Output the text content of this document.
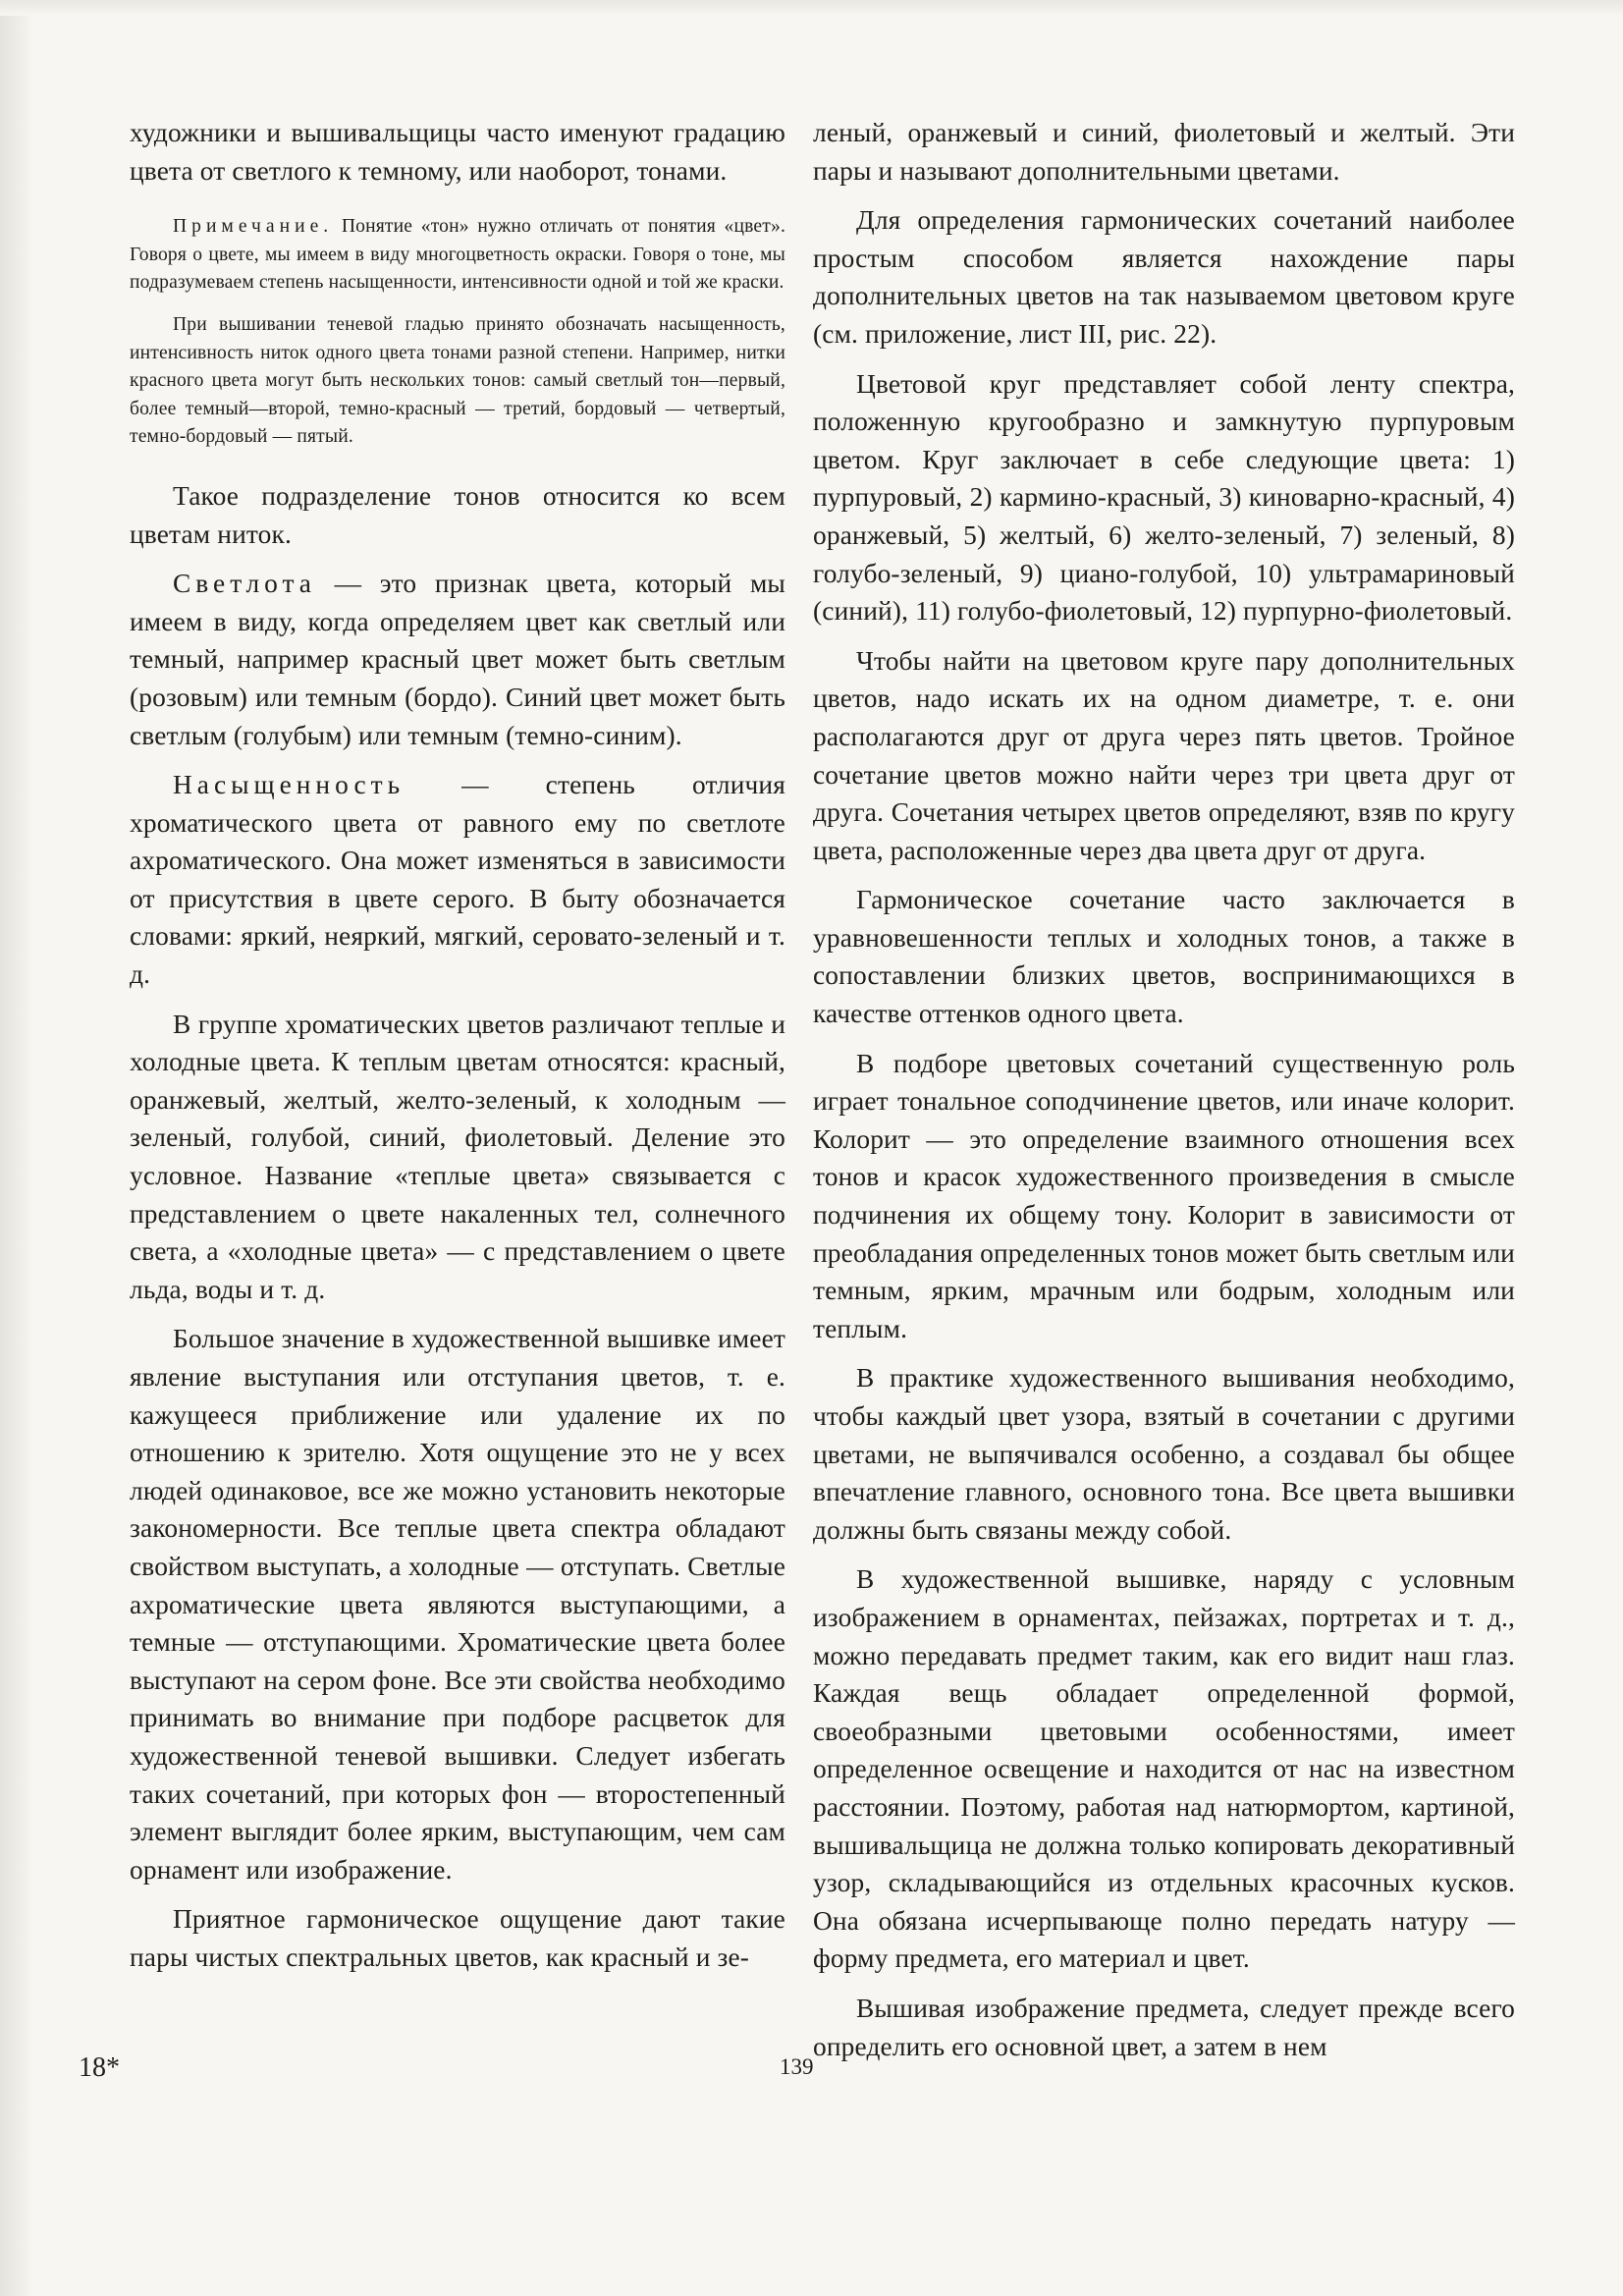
художники и вышивальщицы часто именуют градацию цвета от светлого к темному, или наоборот, тонами.

Примечание. Понятие «тон» нужно отличать от понятия «цвет». Говоря о цвете, мы имеем в виду многоцветность окраски. Говоря о тоне, мы подразумеваем степень насыщенности, интенсивности одной и той же краски.

При вышивании теневой гладью принято обозначать насыщенность, интенсивность ниток одного цвета тонами разной степени. Например, нитки красного цвета могут быть нескольких тонов: самый светлый тон—первый, более темный—второй, темно-красный — третий, бордовый — четвертый, темно-бордовый — пятый.

Такое подразделение тонов относится ко всем цветам ниток.

Светлота — это признак цвета, который мы имеем в виду, когда определяем цвет как светлый или темный, например красный цвет может быть светлым (розовым) или темным (бордо). Синий цвет может быть светлым (голубым) или темным (темно-синим).

Насыщенность — степень отличия хроматического цвета от равного ему по светлоте ахроматического. Она может изменяться в зависимости от присутствия в цвете серого. В быту обозначается словами: яркий, неяркий, мягкий, серовато-зеленый и т. д.

В группе хроматических цветов различают теплые и холодные цвета. К теплым цветам относятся: красный, оранжевый, желтый, желто-зеленый, к холодным — зеленый, голубой, синий, фиолетовый. Деление это условное. Название «теплые цвета» связывается с представлением о цвете накаленных тел, солнечного света, а «холодные цвета» — с представлением о цвете льда, воды и т. д.

Большое значение в художественной вышивке имеет явление выступания или отступания цветов, т. е. кажущееся приближение или удаление их по отношению к зрителю. Хотя ощущение это не у всех людей одинаковое, все же можно установить некоторые закономерности. Все теплые цвета спектра обладают свойством выступать, а холодные — отступать. Светлые ахроматические цвета являются выступающими, а темные — отступающими. Хроматические цвета более выступают на сером фоне. Все эти свойства необходимо принимать во внимание при подборе расцветок для художественной теневой вышивки. Следует избегать таких сочетаний, при которых фон — второстепенный элемент выглядит более ярким, выступающим, чем сам орнамент или изображение.

Приятное гармоническое ощущение дают такие пары чистых спектральных цветов, как красный и зе-

леный, оранжевый и синий, фиолетовый и желтый. Эти пары и называют дополнительными цветами.

Для определения гармонических сочетаний наиболее простым способом является нахождение пары дополнительных цветов на так называемом цветовом круге (см. приложение, лист III, рис. 22).

Цветовой круг представляет собой ленту спектра, положенную кругообразно и замкнутую пурпуровым цветом. Круг заключает в себе следующие цвета: 1) пурпуровый, 2) кармино-красный, 3) киноварно-красный, 4) оранжевый, 5) желтый, 6) желто-зеленый, 7) зеленый, 8) голубо-зеленый, 9) циано-голубой, 10) ультрамариновый (синий), 11) голубо-фиолетовый, 12) пурпурно-фиолетовый.

Чтобы найти на цветовом круге пару дополнительных цветов, надо искать их на одном диаметре, т. е. они располагаются друг от друга через пять цветов. Тройное сочетание цветов можно найти через три цвета друг от друга. Сочетания четырех цветов определяют, взяв по кругу цвета, расположенные через два цвета друг от друга.

Гармоническое сочетание часто заключается в уравновешенности теплых и холодных тонов, а также в сопоставлении близких цветов, воспринимающихся в качестве оттенков одного цвета.

В подборе цветовых сочетаний существенную роль играет тональное соподчинение цветов, или иначе колорит. Колорит — это определение взаимного отношения всех тонов и красок художественного произведения в смысле подчинения их общему тону. Колорит в зависимости от преобладания определенных тонов может быть светлым или темным, ярким, мрачным или бодрым, холодным или теплым.

В практике художественного вышивания необходимо, чтобы каждый цвет узора, взятый в сочетании с другими цветами, не выпячивался особенно, а создавал бы общее впечатление главного, основного тона. Все цвета вышивки должны быть связаны между собой.

В художественной вышивке, наряду с условным изображением в орнаментах, пейзажах, портретах и т. д., можно передавать предмет таким, как его видит наш глаз. Каждая вещь обладает определенной формой, своеобразными цветовыми особенностями, имеет определенное освещение и находится от нас на известном расстоянии. Поэтому, работая над натюрмортом, картиной, вышивальщица не должна только копировать декоративный узор, складывающийся из отдельных красочных кусков. Она обязана исчерпывающе полно передать натуру — форму предмета, его материал и цвет.

Вышивая изображение предмета, следует прежде всего определить его основной цвет, а затем в нем

18*	139
